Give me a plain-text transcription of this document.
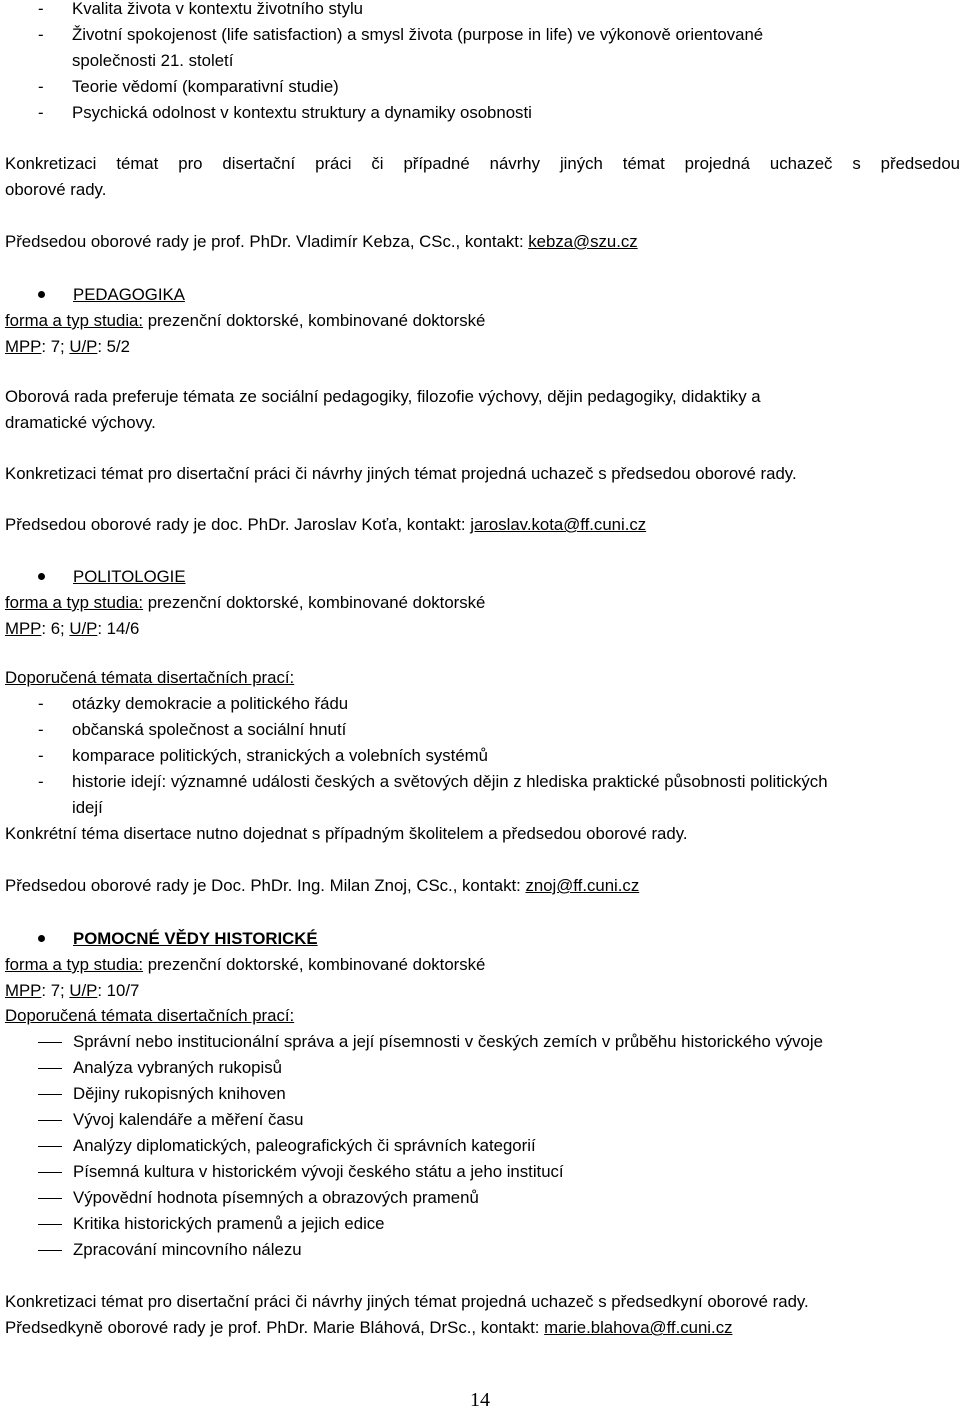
- Kvalita života v kontextu životního stylu
- Životní spokojenost (life satisfaction) a smysl života (purpose in life) ve výkonově orientované
společnosti 21. století
- Teorie vědomí (komparativní studie)
- Psychická odolnost v kontextu struktury a dynamiky osobnosti
Konkretizaci témat pro disertační práci či případné návrhy jiných témat projedná uchazeč s předsedou
oborové rady.
Předsedou oborové rady je prof. PhDr. Vladimír Kebza, CSc., kontakt: kebza@szu.cz
PEDAGOGIKA
forma a typ studia: prezenční doktorské, kombinované doktorské
MPP: 7; U/P: 5/2
Oborová rada preferuje témata ze sociální pedagogiky, filozofie výchovy, dějin pedagogiky, didaktiky a
dramatické výchovy.
Konkretizaci témat pro disertační práci či návrhy jiných témat projedná uchazeč s předsedou oborové rady.
Předsedou oborové rady je doc. PhDr. Jaroslav Koťa, kontakt: jaroslav.kota@ff.cuni.cz
POLITOLOGIE
forma a typ studia: prezenční doktorské, kombinované doktorské
MPP: 6; U/P: 14/6
Doporučená témata disertačních prací:
- otázky demokracie a politického řádu
- občanská společnost a sociální hnutí
- komparace politických, stranických a volebních systémů
- historie idejí: významné události českých a světových dějin z hlediska praktické působnosti politických
idejí
Konkrétní téma disertace nutno dojednat s případným školitelem a předsedou oborové rady.
Předsedou oborové rady je Doc. PhDr. Ing. Milan Znoj, CSc., kontakt: znoj@ff.cuni.cz
POMOCNÉ VĚDY HISTORICKÉ
forma a typ studia: prezenční doktorské, kombinované doktorské
MPP: 7; U/P: 10/7
Doporučená témata disertačních prací:
Správní nebo institucionální správa a její písemnosti v českých zemích v průběhu historického vývoje
Analýza vybraných rukopisů
Dějiny rukopisných knihoven
Vývoj kalendáře a měření času
Analýzy diplomatických, paleografických či správních kategorií
Písemná kultura v historickém vývoji českého státu a jeho institucí
Výpovědní hodnota písemných a obrazových pramenů
Kritika historických pramenů a jejich edice
Zpracování mincovního nálezu
Konkretizaci témat pro disertační práci či návrhy jiných témat projedná uchazeč s předsedkyní oborové rady.
Předsedkyně oborové rady je prof. PhDr. Marie Bláhová, DrSc., kontakt: marie.blahova@ff.cuni.cz
14
